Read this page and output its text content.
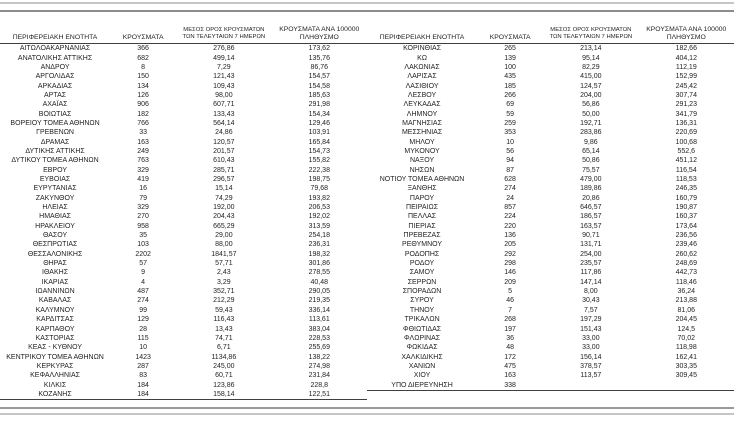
ΠΕΡΙΦΕΡΕΙΑΚΗ ΕΝΟΤΗΤΑ	ΚΡΟΥΣΜΑΤΑ	ΜΕΣΟΣ ΟΡΟΣ ΚΡΟΥΣΜΑΤΩΝ
ΤΩΝ ΤΕΛΕΥΤΑΙΩΝ 7 ΗΜΕΡΩΝ	ΚΡΟΥΣΜΑΤΑ ΑΝΑ 100000
ΠΛΗΘΥΣΜΟ

ΑΙΤΩΛΟΑΚΑΡΝΑΝΙΑΣ	366	276,86	173,62
ΑΝΑΤΟΛΙΚΗΣ ΑΤΤΙΚΗΣ	682	499,14	135,76
ΑΝΔΡΟΥ	8	7,29	86,76
ΑΡΓΟΛΙΔΑΣ	150	121,43	154,57
ΑΡΚΑΔΙΑΣ	134	109,43	154,58
ΑΡΤΑΣ	126	98,00	185,63
ΑΧΑΪΑΣ	906	607,71	291,98
ΒΟΙΩΤΙΑΣ	182	133,43	154,34
ΒΟΡΕΙΟΥ ΤΟΜΕΑ ΑΘΗΝΩΝ	766	564,14	129,46
ΓΡΕΒΕΝΩΝ	33	24,86	103,91
ΔΡΑΜΑΣ	163	120,57	165,84
ΔΥΤΙΚΗΣ ΑΤΤΙΚΗΣ	249	201,57	154,73
ΔΥΤΙΚΟΥ ΤΟΜΕΑ ΑΘΗΝΩΝ	763	610,43	155,82
ΕΒΡΟΥ	329	285,71	222,38
ΕΥΒΟΙΑΣ	419	296,57	198,75
ΕΥΡΥΤΑΝΙΑΣ	16	15,14	79,68
ΖΑΚΥΝΘΟΥ	79	74,29	193,82
ΗΛΕΙΑΣ	329	192,00	206,53
ΗΜΑΘΙΑΣ	270	204,43	192,02
ΗΡΑΚΛΕΙΟΥ	958	665,29	313,59
ΘΑΣΟΥ	35	29,00	254,18
ΘΕΣΠΡΩΤΙΑΣ	103	88,00	236,31
ΘΕΣΣΑΛΟΝΙΚΗΣ	2202	1841,57	198,32
ΘΗΡΑΣ	57	57,71	301,86
ΙΘΑΚΗΣ	9	2,43	278,55
ΙΚΑΡΙΑΣ	4	3,29	40,48
ΙΩΑΝΝΙΝΩΝ	487	352,71	290,05
ΚΑΒΑΛΑΣ	274	212,29	219,35
ΚΑΛΥΜΝΟΥ	99	59,43	336,14
ΚΑΡΔΙΤΣΑΣ	129	116,43	113,61
ΚΑΡΠΑΘΟΥ	28	13,43	383,04
ΚΑΣΤΟΡΙΑΣ	115	74,71	228,53
ΚΕΑΣ - ΚΥΘΝΟΥ	10	6,71	255,69
ΚΕΝΤΡΙΚΟΥ ΤΟΜΕΑ ΑΘΗΝΩΝ	1423	1134,86	138,22
ΚΕΡΚΥΡΑΣ	287	245,00	274,98
ΚΕΦΑΛΛΗΝΙΑΣ	83	60,71	231,84
ΚΙΛΚΙΣ	184	123,86	228,8
ΚΟΖΑΝΗΣ	184	158,14	122,51
ΠΕΡΙΦΕΡΕΙΑΚΗ ΕΝΟΤΗΤΑ	ΚΡΟΥΣΜΑΤΑ	ΜΕΣΟΣ ΟΡΟΣ ΚΡΟΥΣΜΑΤΩΝ
ΤΩΝ ΤΕΛΕΥΤΑΙΩΝ 7 ΗΜΕΡΩΝ	ΚΡΟΥΣΜΑΤΑ ΑΝΑ 100000
ΠΛΗΘΥΣΜΟ

ΚΟΡΙΝΘΙΑΣ	265	213,14	182,66
ΚΩ	139	95,14	404,12
ΛΑΚΩΝΙΑΣ	100	82,29	112,19
ΛΑΡΙΣΑΣ	435	415,00	152,99
ΛΑΣΙΘΙΟΥ	185	124,57	245,42
ΛΕΣΒΟΥ	266	204,00	307,74
ΛΕΥΚΑΔΑΣ	69	56,86	291,23
ΛΗΜΝΟΥ	59	50,00	341,79
ΜΑΓΝΗΣΙΑΣ	259	192,71	136,31
ΜΕΣΣΗΝΙΑΣ	353	283,86	220,69
ΜΗΛΟΥ	10	9,86	100,68
ΜΥΚΟΝΟΥ	56	65,14	552,6
ΝΑΞΟΥ	94	50,86	451,12
ΝΗΣΩΝ	87	75,57	116,54
ΝΟΤΙΟΥ ΤΟΜΕΑ ΑΘΗΝΩΝ	628	479,00	118,53
ΞΑΝΘΗΣ	274	189,86	246,35
ΠΑΡΟΥ	24	20,86	160,79
ΠΕΙΡΑΙΩΣ	857	646,57	190,87
ΠΕΛΛΑΣ	224	186,57	160,37
ΠΙΕΡΙΑΣ	220	163,57	173,64
ΠΡΕΒΕΖΑΣ	136	90,71	236,56
ΡΕΘΥΜΝΟΥ	205	131,71	239,46
ΡΟΔΟΠΗΣ	292	254,00	260,62
ΡΟΔΟΥ	298	235,57	248,69
ΣΑΜΟΥ	146	117,86	442,73
ΣΕΡΡΩΝ	209	147,14	118,46
ΣΠΟΡΑΔΩΝ	5	8,00	36,24
ΣΥΡΟΥ	46	30,43	213,88
ΤΗΝΟΥ	7	7,57	81,06
ΤΡΙΚΑΛΩΝ	268	197,29	204,45
ΦΘΙΩΤΙΔΑΣ	197	151,43	124,5
ΦΛΩΡΙΝΑΣ	36	33,00	70,02
ΦΩΚΙΔΑΣ	48	33,00	118,98
ΧΑΛΚΙΔΙΚΗΣ	172	156,14	162,41
ΧΑΝΙΩΝ	475	378,57	303,35
ΧΙΟΥ	163	113,57	309,45
ΥΠΟ ΔΙΕΡΕΥΝΗΣΗ	338		
